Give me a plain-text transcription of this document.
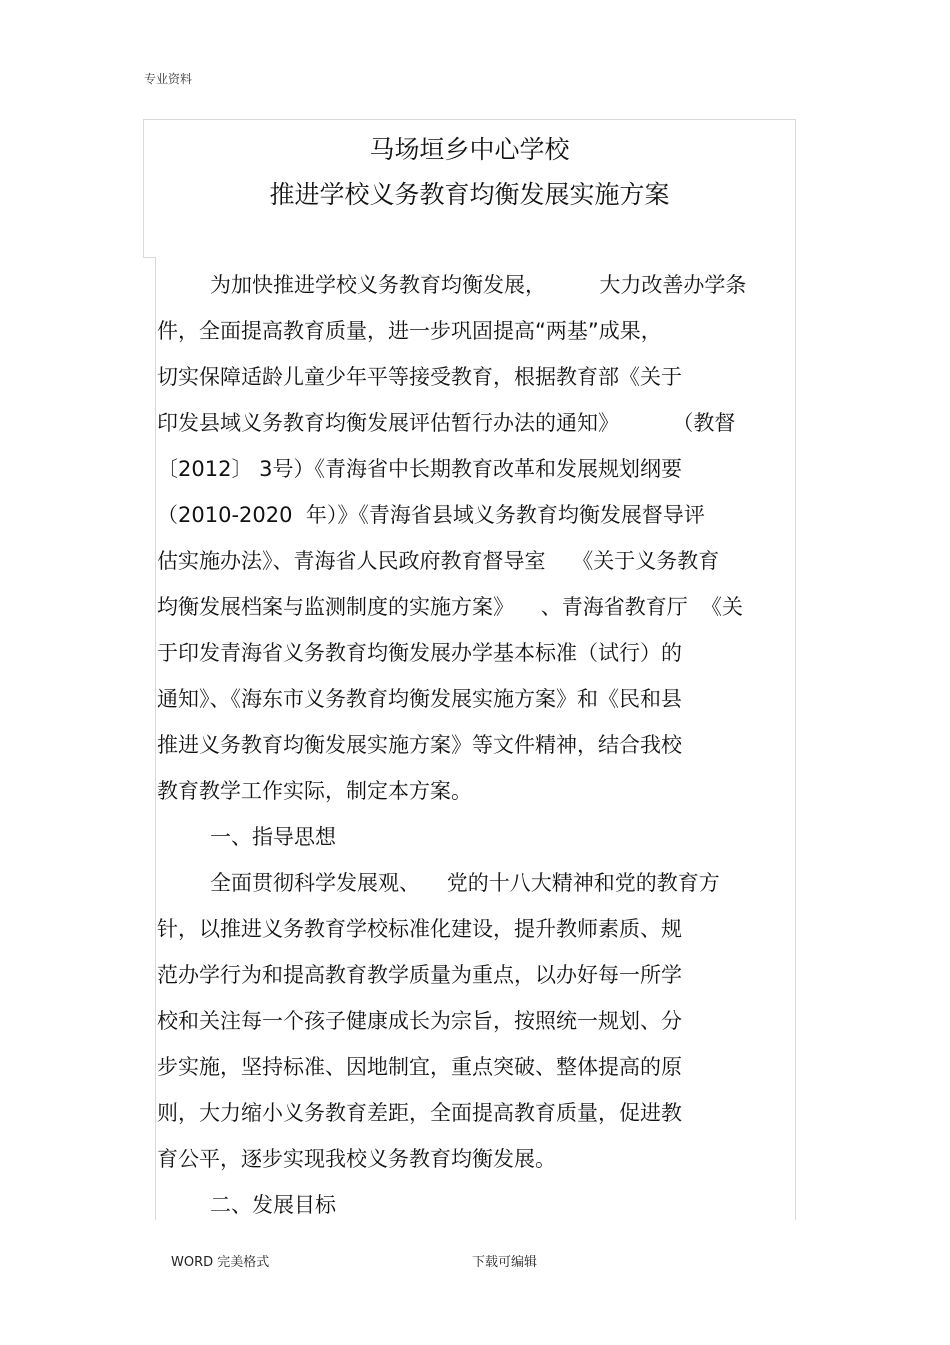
专业资料
马场垣乡中心学校
推进学校义务教育均衡发展实施方案
为加快推进学校义务教育均衡发展，        大力改善办学条
件，全面提高教育质量，进一步巩固提高“两基”成果，
切实保障适龄儿童少年平等接受教育，根据教育部《关于
印发县域义务教育均衡发展评估暂行办法的通知》        （教督
〔2012〕 3号）《青海省中长期教育改革和发展规划纲要
（2010-2020  年）》《青海省县域义务教育均衡发展督导评
估实施办法》、青海省人民政府教育督导室    《关于义务教育
均衡发展档案与监测制度的实施方案》    、青海省教育厅  《关
于印发青海省义务教育均衡发展办学基本标准（试行）的
通知》、《海东市义务教育均衡发展实施方案》和《民和县
推进义务教育均衡发展实施方案》等文件精神，结合我校
教育教学工作实际，制定本方案。
一、指导思想
全面贯彻科学发展观、    党的十八大精神和党的教育方
针，以推进义务教育学校标准化建设，提升教师素质、规
范办学行为和提高教育教学质量为重点，以办好每一所学
校和关注每一个孩子健康成长为宗旨，按照统一规划、分
步实施，坚持标准、因地制宜，重点突破、整体提高的原
则，大力缩小义务教育差距，全面提高教育质量，促进教
育公平，逐步实现我校义务教育均衡发展。
二、发展目标
WORD 完美格式	下载可编辑
